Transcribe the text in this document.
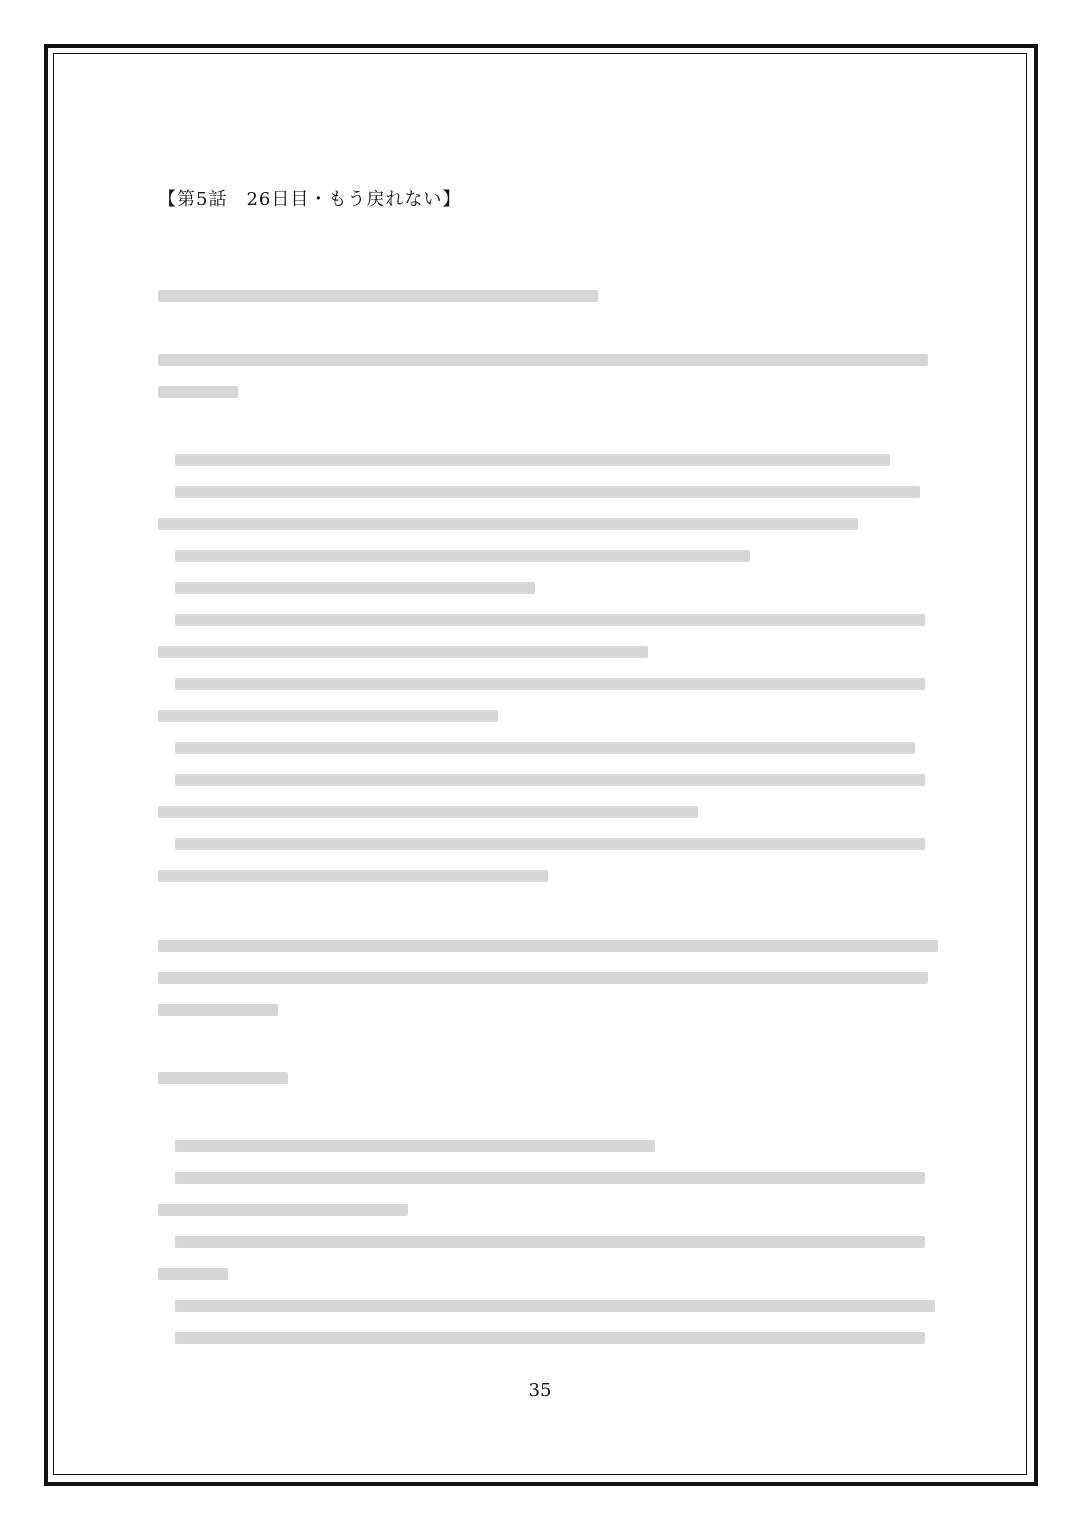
【第5話　26日目・もう戻れない】
35
